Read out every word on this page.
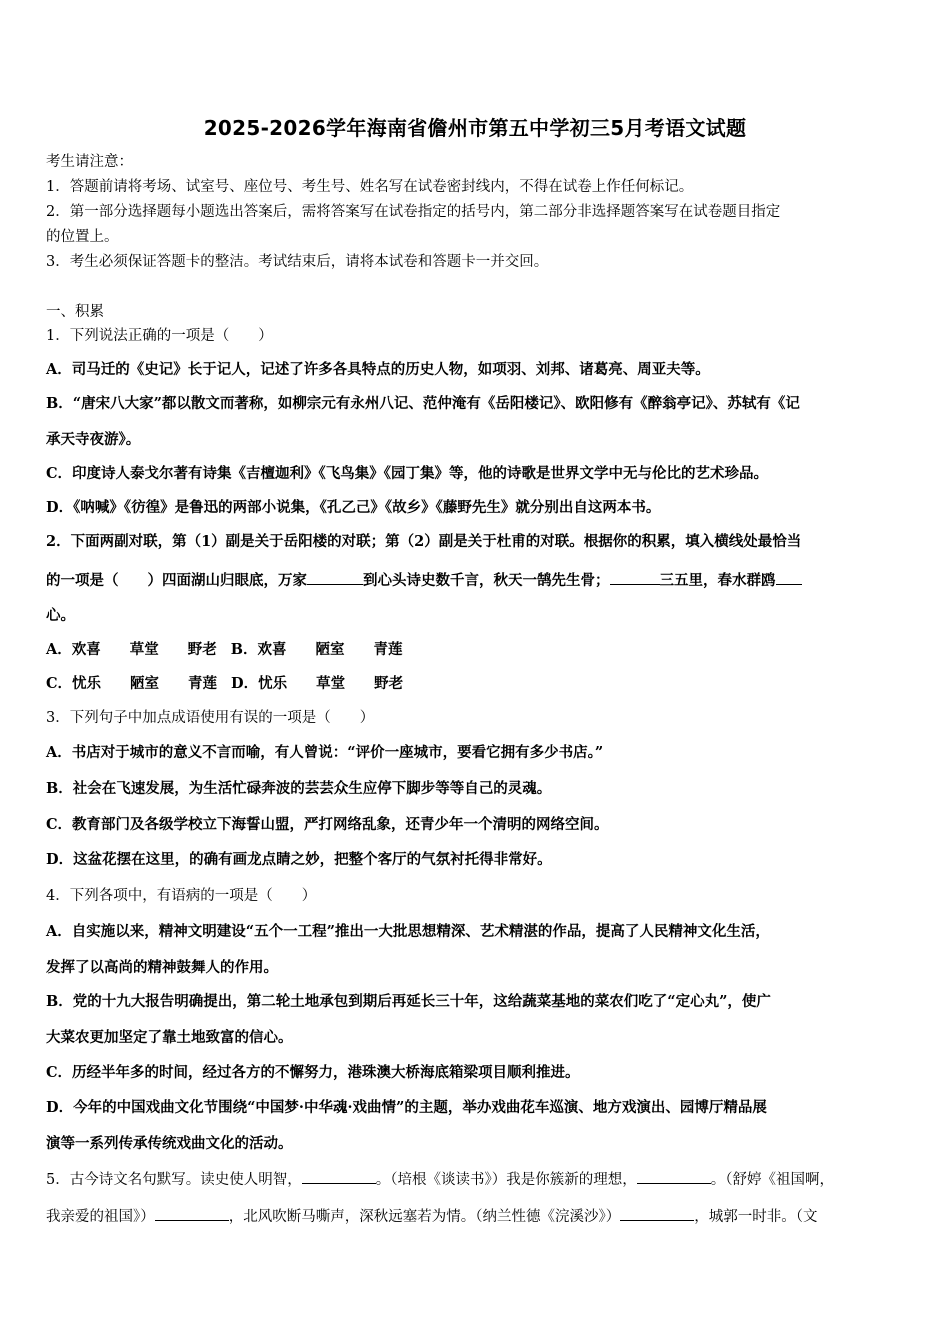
2025-2026学年海南省儋州市第五中学初三5月考语文试题
考生请注意：
1．答题前请将考场、试室号、座位号、考生号、姓名写在试卷密封线内，不得在试卷上作任何标记。
2．第一部分选择题每小题选出答案后，需将答案写在试卷指定的括号内，第二部分非选择题答案写在试卷题目指定
的位置上。
3．考生必须保证答题卡的整洁。考试结束后，请将本试卷和答题卡一并交回。
一、积累
1．下列说法正确的一项是（　　）
A．司马迁的《史记》长于记人，记述了许多各具特点的历史人物，如项羽、刘邦、诸葛亮、周亚夫等。
B．“唐宋八大家”都以散文而著称，如柳宗元有永州八记、范仲淹有《岳阳楼记》、欧阳修有《醉翁亭记》、苏轼有《记
承天寺夜游》。
C．印度诗人泰戈尔著有诗集《吉檀迦利》《飞鸟集》《园丁集》等，他的诗歌是世界文学中无与伦比的艺术珍品。
D．《呐喊》《彷徨》是鲁迅的两部小说集，《孔乙己》《故乡》《藤野先生》就分别出自这两本书。
2．下面两副对联，第（1）副是关于岳阳楼的对联；第（2）副是关于杜甫的对联。根据你的积累，填入横线处最恰当
的一项是（　　）四面湖山归眼底，万家	到心头诗史数千言，秋天一鹄先生骨；	三五里，春水群鸥
心。
A．欢喜　　草堂　　野老 B．欢喜　　陋室　　青莲
C．忧乐　　陋室　　青莲 D．忧乐　　草堂　　野老
3．下列句子中加点成语使用有误的一项是（　　）
A．书店对于城市的意义不言而喻，有人曾说：“评价一座城市，要看它拥有多少书店。”
B．社会在飞速发展，为生活忙碌奔波的芸芸众生应停下脚步等等自己的灵魂。
C．教育部门及各级学校立下海誓山盟，严打网络乱象，还青少年一个清明的网络空间。
D．这盆花摆在这里，的确有画龙点睛之妙，把整个客厅的气氛衬托得非常好。
4．下列各项中，有语病的一项是（　　）
A．自实施以来，精神文明建设“五个一工程”推出一大批思想精深、艺术精湛的作品，提高了人民精神文化生活，
发挥了以高尚的精神鼓舞人的作用。
B．党的十九大报告明确提出，第二轮土地承包到期后再延长三十年，这给蔬菜基地的菜农们吃了“定心丸”，使广
大菜农更加坚定了靠土地致富的信心。
C．历经半年多的时间，经过各方的不懈努力，港珠澳大桥海底箱梁项目顺利推进。
D．今年的中国戏曲文化节围绕“中国梦·中华魂·戏曲情”的主题，举办戏曲花车巡演、地方戏演出、园博厅精品展
演等一系列传承传统戏曲文化的活动。
5．古今诗文名句默写。读史使人明智，	。（培根《谈读书》）我是你簇新的理想，	。（舒婷《祖国啊，
我亲爱的祖国》）	，北风吹断马嘶声，深秋远塞若为情。（纳兰性德《浣溪沙》）	，城郭一时非。（文
